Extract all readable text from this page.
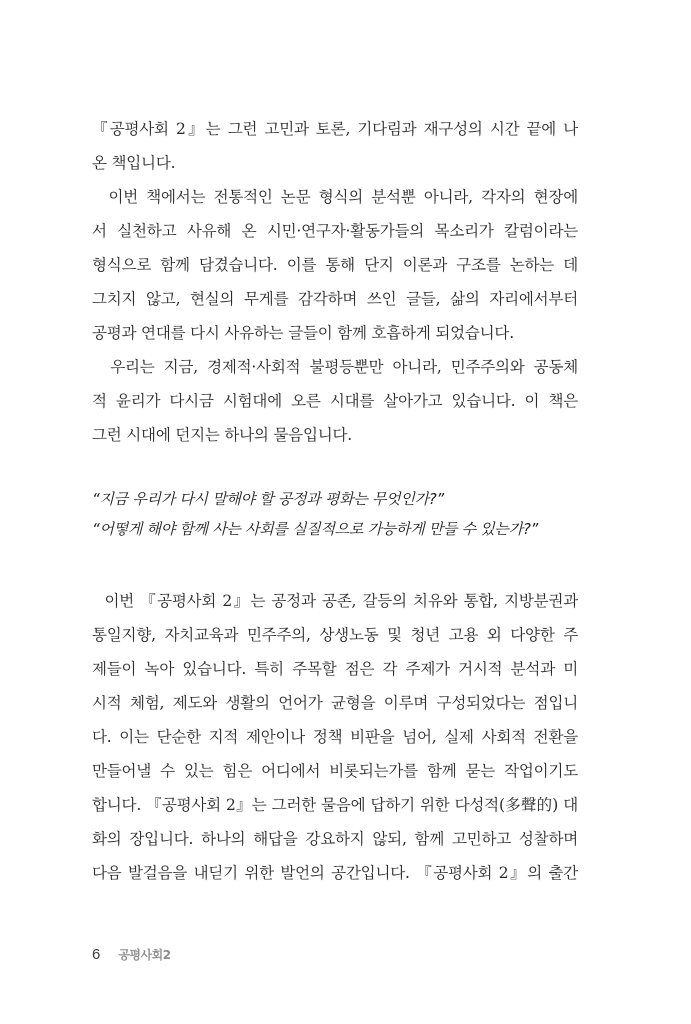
『공평사회 2』는 그런 고민과 토론, 기다림과 재구성의 시간 끝에 나
온 책입니다.
이번 책에서는 전통적인 논문 형식의 분석뿐 아니라, 각자의 현장에
서 실천하고 사유해 온 시민·연구자·활동가들의 목소리가 칼럼이라는
형식으로 함께 담겼습니다. 이를 통해 단지 이론과 구조를 논하는 데
그치지 않고, 현실의 무게를 감각하며 쓰인 글들, 삶의 자리에서부터
공평과 연대를 다시 사유하는 글들이 함께 호흡하게 되었습니다.
우리는 지금, 경제적·사회적 불평등뿐만 아니라, 민주주의와 공동체
적 윤리가 다시금 시험대에 오른 시대를 살아가고 있습니다. 이 책은
그런 시대에 던지는 하나의 물음입니다.
“지금 우리가 다시 말해야 할 공정과 평화는 무엇인가?”
“어떻게 해야 함께 사는 사회를 실질적으로 가능하게 만들 수 있는가?”
이번 『공평사회 2』는 공정과 공존, 갈등의 치유와 통합, 지방분권과
통일지향, 자치교육과 민주주의, 상생노동 및 청년 고용 외 다양한 주
제들이 녹아 있습니다. 특히 주목할 점은 각 주제가 거시적 분석과 미
시적 체험, 제도와 생활의 언어가 균형을 이루며 구성되었다는 점입니
다. 이는 단순한 지적 제안이나 정책 비판을 넘어, 실제 사회적 전환을
만들어낼 수 있는 힘은 어디에서 비롯되는가를 함께 묻는 작업이기도
합니다. 『공평사회 2』는 그러한 물음에 답하기 위한 다성적(多聲的) 대
화의 장입니다. 하나의 해답을 강요하지 않되, 함께 고민하고 성찰하며
다음 발걸음을 내딛기 위한 발언의 공간입니다. 『공평사회 2』의 출간
6 공평사회2
